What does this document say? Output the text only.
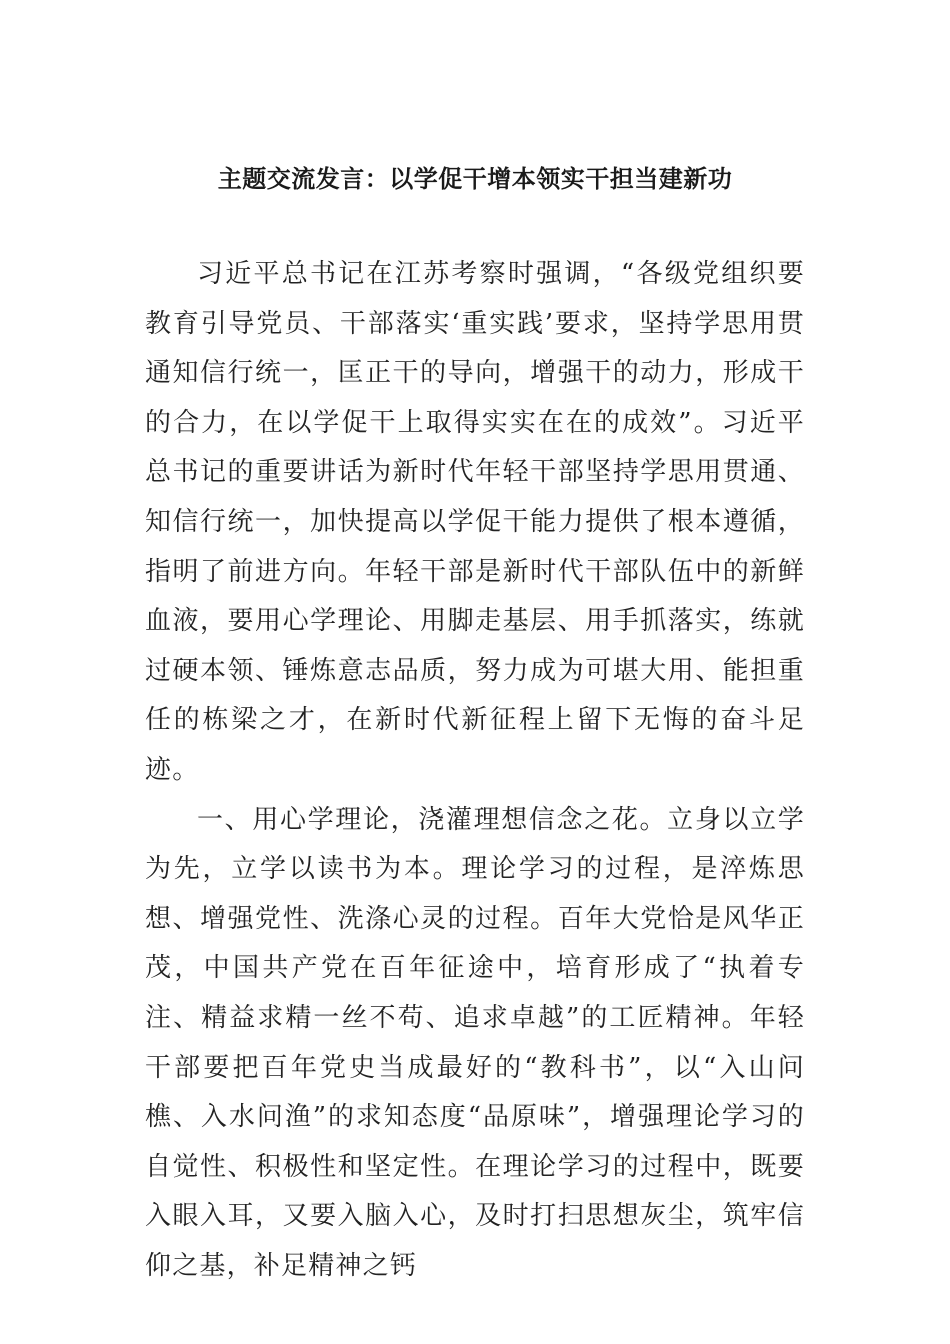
主题交流发言：以学促干增本领实干担当建新功

习近平总书记在江苏考察时强调，“各级党组织要教育引导党员、干部落实‘重实践’要求，坚持学思用贯通知信行统一，匡正干的导向，增强干的动力，形成干的合力，在以学促干上取得实实在在的成效”。习近平总书记的重要讲话为新时代年轻干部坚持学思用贯通、知信行统一，加快提高以学促干能力提供了根本遵循，指明了前进方向。年轻干部是新时代干部队伍中的新鲜血液，要用心学理论、用脚走基层、用手抓落实，练就过硬本领、锤炼意志品质，努力成为可堪大用、能担重任的栋梁之才，在新时代新征程上留下无悔的奋斗足迹。

一、用心学理论，浇灌理想信念之花。立身以立学为先，立学以读书为本。理论学习的过程，是淬炼思想、增强党性、洗涤心灵的过程。百年大党恰是风华正茂，中国共产党在百年征途中，培育形成了“执着专注、精益求精一丝不苟、追求卓越”的工匠精神。年轻干部要把百年党史当成最好的“教科书”，以“入山问樵、入水问渔”的求知态度“品原味”，增强理论学习的自觉性、积极性和坚定性。在理论学习的过程中，既要入眼入耳，又要入脑入心，及时打扫思想灰尘，筑牢信仰之基，补足精神之钙
